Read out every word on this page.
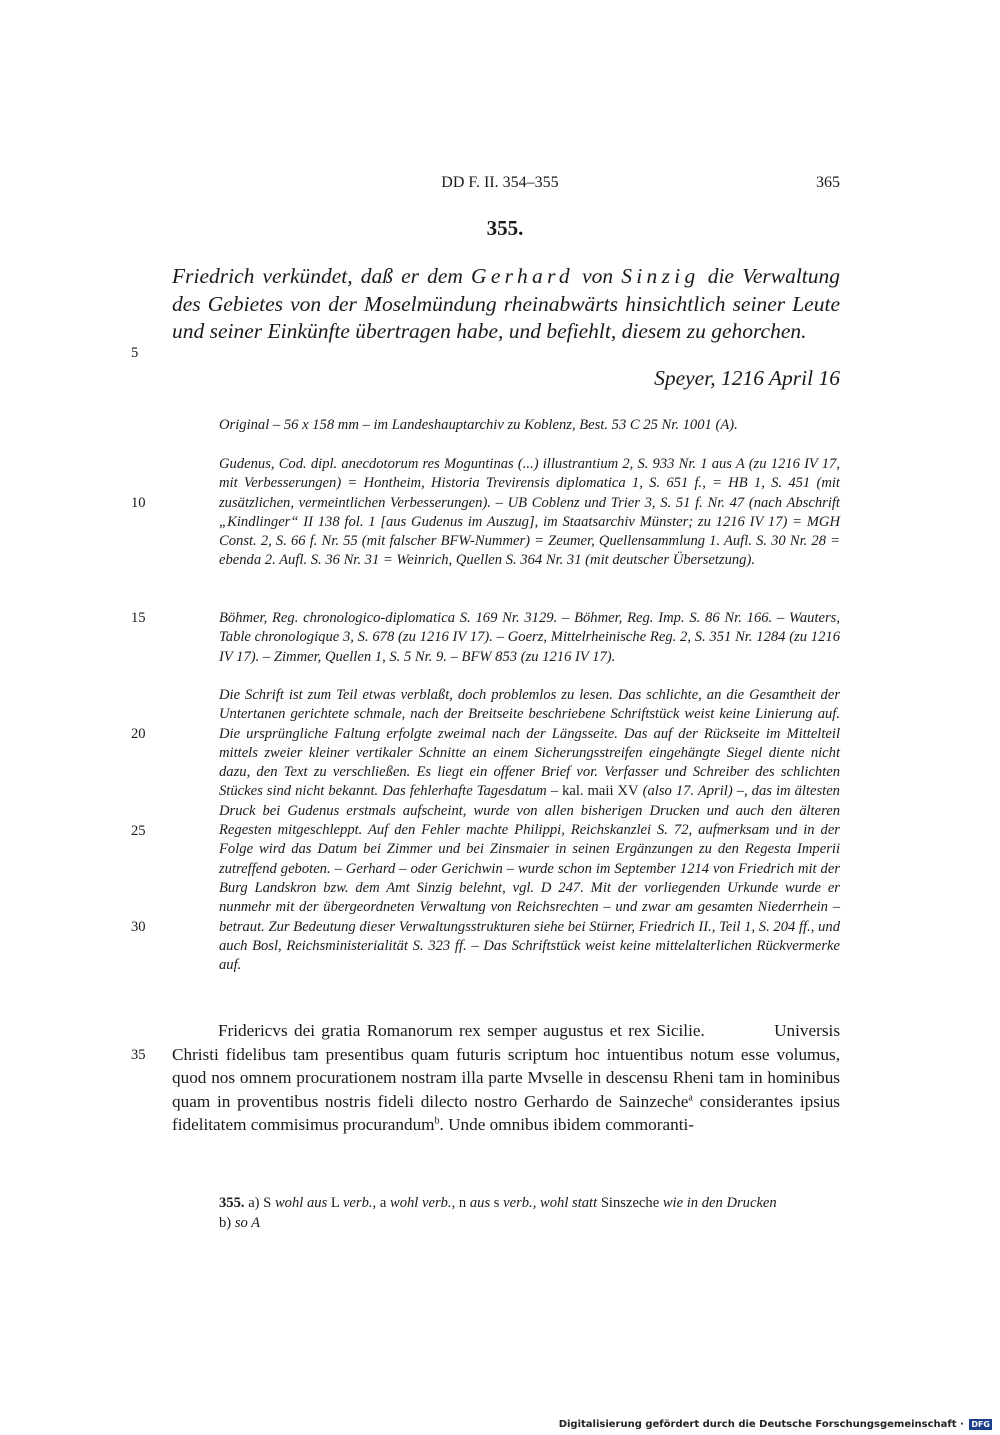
DD F. II. 354–355	365
355.
Friedrich verkündet, daß er dem Gerhard von Sinzig die Verwaltung des Gebietes von der Moselmündung rheinabwärts hinsichtlich seiner Leute und seiner Einkünfte übertragen habe, und befiehlt, diesem zu gehorchen.
Speyer, 1216 April 16
Original – 56 x 158 mm – im Landeshauptarchiv zu Koblenz, Best. 53 C 25 Nr. 1001 (A).
Gudenus, Cod. dipl. anecdotorum res Moguntinas (...) illustrantium 2, S. 933 Nr. 1 aus A (zu 1216 IV 17, mit Verbesserungen) = Hontheim, Historia Trevirensis diplomatica 1, S. 651 f., = HB 1, S. 451 (mit zusätzlichen, vermeintlichen Verbesserungen). – UB Coblenz und Trier 3, S. 51 f. Nr. 47 (nach Abschrift „Kindlinger“ II 138 fol. 1 [aus Gudenus im Auszug], im Staatsarchiv Münster; zu 1216 IV 17) = MGH Const. 2, S. 66 f. Nr. 55 (mit falscher BFW-Nummer) = Zeumer, Quellensammlung 1. Aufl. S. 30 Nr. 28 = ebenda 2. Aufl. S. 36 Nr. 31 = Weinrich, Quellen S. 364 Nr. 31 (mit deutscher Übersetzung).
Böhmer, Reg. chronologico-diplomatica S. 169 Nr. 3129. – Böhmer, Reg. Imp. S. 86 Nr. 166. – Wauters, Table chronologique 3, S. 678 (zu 1216 IV 17). – Goerz, Mittelrheinische Reg. 2, S. 351 Nr. 1284 (zu 1216 IV 17). – Zimmer, Quellen 1, S. 5 Nr. 9. – BFW 853 (zu 1216 IV 17).
Die Schrift ist zum Teil etwas verblaßt, doch problemlos zu lesen. Das schlichte, an die Gesamtheit der Untertanen gerichtete schmale, nach der Breitseite beschriebene Schriftstück weist keine Linierung auf. Die ursprüngliche Faltung erfolgte zweimal nach der Längsseite. Das auf der Rückseite im Mittelteil mittels zweier kleiner vertikaler Schnitte an einem Sicherungsstreifen eingehängte Siegel diente nicht dazu, den Text zu verschließen. Es liegt ein offener Brief vor. Verfasser und Schreiber des schlichten Stückes sind nicht bekannt. Das fehlerhafte Tagesdatum – kal. maii XV (also 17. April) –, das im ältesten Druck bei Gudenus erstmals aufscheint, wurde von allen bisherigen Drucken und auch den älteren Regesten mitgeschleppt. Auf den Fehler machte Philippi, Reichskanzlei S. 72, aufmerksam und in der Folge wird das Datum bei Zimmer und bei Zinsmaier in seinen Ergänzungen zu den Regesta Imperii zutreffend geboten. – Gerhard – oder Gerichwin – wurde schon im September 1214 von Friedrich mit der Burg Landskron bzw. dem Amt Sinzig belehnt, vgl. D 247. Mit der vorliegenden Urkunde wurde er nunmehr mit der übergeordneten Verwaltung von Reichsrechten – und zwar am gesamten Niederrhein – betraut. Zur Bedeutung dieser Verwaltungsstrukturen siehe bei Stürner, Friedrich II., Teil 1, S. 204 ff., und auch Bosl, Reichsministerialität S. 323 ff. – Das Schriftstück weist keine mittelalterlichen Rückvermerke auf.

Fridericvs dei gratia Romanorum rex semper augustus et rex Sicilie.	Universis Christi fidelibus tam presentibus quam futuris scriptum hoc intuentibus notum esse volumus, quod nos omnem procurationem nostram illa parte Mvselle in descensu Rheni tam in hominibus quam in proventibus nostris fideli dilecto nostro Gerhardo de Sainzeche$^a$ considerantes ipsius fidelitatem commisimus procurandum$^b$. Unde omnibus ibidem commoranti-

5
10
15
20
25
30
35
355. a) S wohl aus L verb., a wohl verb., n aus s verb., wohl statt Sinszeche wie in den Drucken
b) so A
Digitalisierung gefördert durch die Deutsche Forschungsgemeinschaft · DFG
